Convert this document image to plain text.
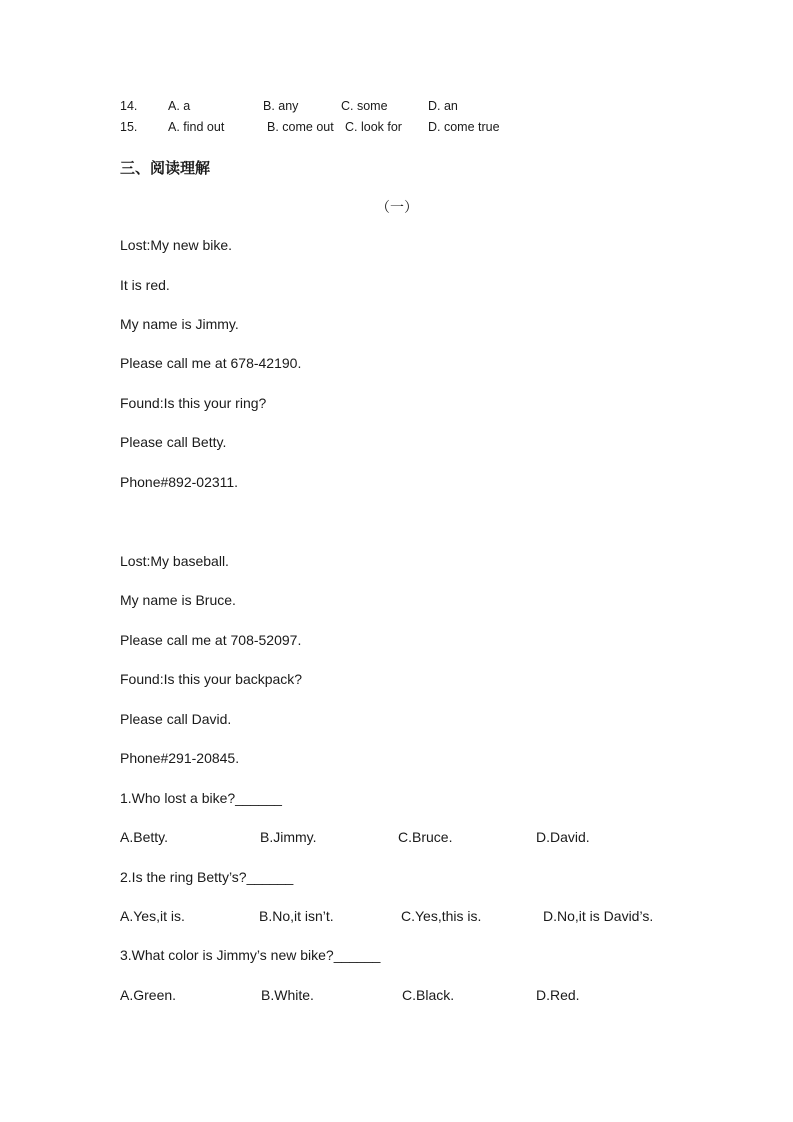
14. A. a	B. any	C. some	D. an
15. A. find out	B. come out C. look for D. come true
三、阅读理解
（一）
Lost:My new bike.
It is red.
My name is Jimmy.
Please call me at 678-42190.
Found:Is this your ring?
Please call Betty.
Phone#892-02311.
Lost:My baseball.
My name is Bruce.
Please call me at 708-52097.
Found:Is this your backpack?
Please call David.
Phone#291-20845.
1.Who lost a bike?______
A.Betty.	B.Jimmy.	C.Bruce.	D.David.
2.Is the ring Betty’s?______
A.Yes,it is.	B.No,it isn’t.	C.Yes,this is.	D.No,it is David’s.
3.What color is Jimmy’s new bike?______
A.Green.	B.White.	C.Black.	D.Red.
